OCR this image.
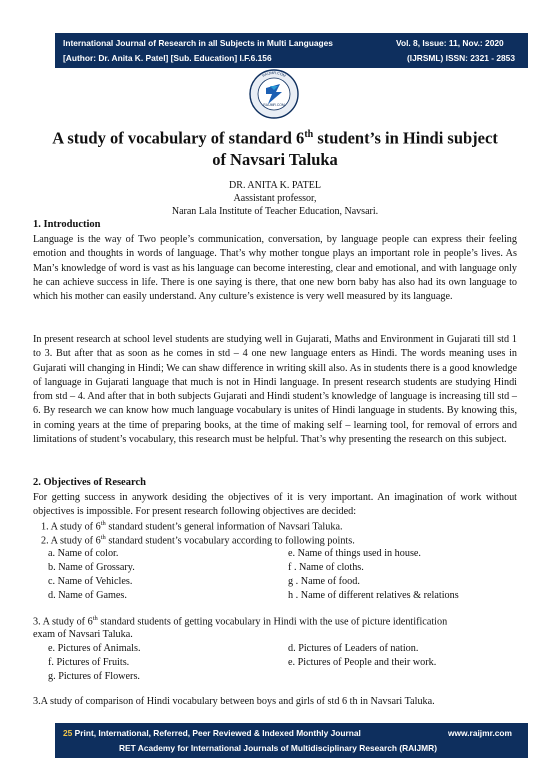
International Journal of Research in all Subjects in Multi Languages
[Author: Dr. Anita K. Patel] [Sub. Education] I.F.6.156
Vol. 8, Issue: 11, Nov.: 2020
(IJRSML) ISSN: 2321 - 2853
RAIJMR.COM
RAIJMR.COM
A study of vocabulary of standard 6th student’s in Hindi subject
of Navsari Taluka
DR. ANITA K. PATEL
Aassistant professor,
Naran Lala Institute of Teacher Education, Navsari.
1. Introduction
Language is the way of Two people’s communication, conversation, by language people can express their feeling emotion and thoughts in words of language. That’s why mother tongue plays an important role in people’s lives. As Man’s knowledge of word is vast as his language can become interesting, clear and emotional, and with language only he can achieve success in life. There is one saying is there, that one new born baby has also had its own language to which his mother can easily understand. Any culture’s existence is very well measured by its language.
In present research at school level students are studying well in Gujarati, Maths and Environment in Gujarati till std 1 to 3. But after that as soon as he comes in std – 4 one new language enters as Hindi. The words meaning uses in Gujarati will changing in Hindi; We can shaw difference in writing skill also. As in students there is a good knowledge of language in Gujarati language that much is not in Hindi language. In present research students are studying Hindi from std – 4. And after that in both subjects Gujarati and Hindi student’s knowledge of language is increasing till std – 6. By research we can know how much language vocabulary is unites of Hindi language in students. By knowing this, in coming years at the time of preparing books, at the time of making self – learning tool, for removal of errors and limitations of student’s vocabulary, this research must be helpful. That’s why presenting the research on this subject.
2. Objectives of Research
For getting success in anywork desiding the objectives of it is very important. An imagination of work without objectives is impossible. For present research following objectives are decided:
1. A study of 6th standard student’s general information of Navsari Taluka.
2. A study of 6th standard student’s vocabulary according to following points.
a. Name of color.
b. Name of Grossary.
c. Name of Vehicles.
d. Name of Games.
e. Name of things used in house.
f . Name of cloths.
g . Name of food.
h . Name of different relatives & relations
3. A study of 6th standard students of getting vocabulary in Hindi with the use of picture identification
exam of Navsari Taluka.
e. Pictures of Animals.
f. Pictures of Fruits.
g. Pictures of Flowers.
d. Pictures of Leaders of nation.
e. Pictures of People and their work.
3.A study of comparison of Hindi vocabulary between boys and girls of std 6 th in Navsari Taluka.
25 Print, International, Referred, Peer Reviewed & Indexed Monthly Journal	www.raijmr.com
RET Academy for International Journals of Multidisciplinary Research (RAIJMR)
